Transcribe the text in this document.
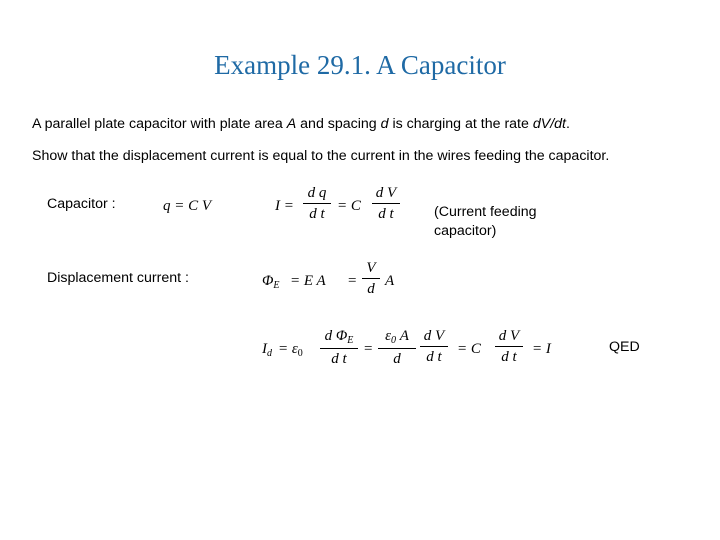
Example 29.1. A Capacitor
A parallel plate capacitor with plate area A and spacing d is charging at the rate dV/dt.
Show that the displacement current is equal to the current in the wires feeding the capacitor.
Capacitor :	q = C V	I =
d q
d t = C
d V
d t	(Current feeding
capacitor)
Displacement current :	$\Phi_E = E$ A =
V
d A
$I_d = \varepsilon_0$
d $\Phi_E$
d t
=
$\varepsilon_0$ A
d
d V
d t	= C
d V
d t	= I	QED
